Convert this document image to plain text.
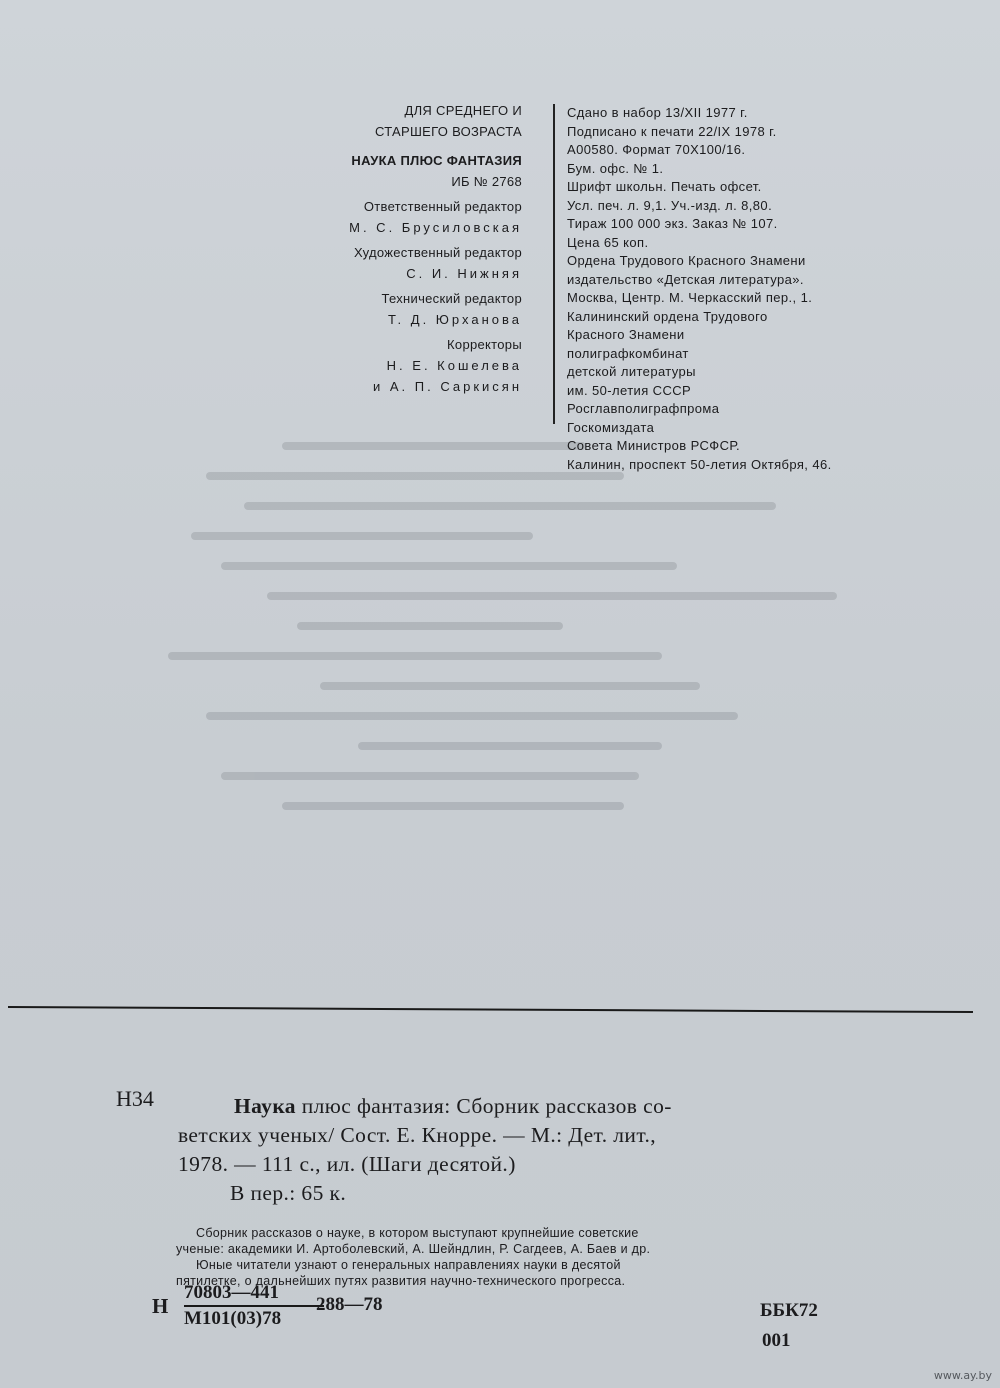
ДЛЯ СРЕДНЕГО И
СТАРШЕГО ВОЗРАСТА
НАУКА ПЛЮС ФАНТАЗИЯ
ИБ № 2768
Ответственный редактор
М. С. Брусиловская
Художественный редактор
С. И. Нижняя
Технический редактор
Т. Д. Юрханова
Корректоры
Н. Е. Кошелева
и А. П. Саркисян
Сдано в набор 13/XII 1977 г.
Подписано к печати 22/IX 1978 г.
А00580. Формат 70X100/16.
Бум. офс. № 1.
Шрифт школьн. Печать офсет.
Усл. печ. л. 9,1. Уч.-изд. л. 8,80.
Тираж 100 000 экз. Заказ № 107.
Цена 65 коп.
Ордена Трудового Красного Знамени
издательство «Детская литература».
Москва, Центр. М. Черкасский пер., 1.
Калининский ордена Трудового
Красного Знамени
полиграфкомбинат
детской литературы
им. 50-летия СССР
Росглавполиграфпрома
Госкомиздата
Совета Министров РСФСР.
Калинин, проспект 50-летия Октября, 46.
Н34	Наука плюс фантазия: Сборник рассказов со-
ветских ученых/ Сост. Е. Кнорре. — М.: Дет. лит.,
1978. — 111 с., ил. (Шаги десятой.)
В пер.: 65 к.
Сборник рассказов о науке, в котором выступают крупнейшие советские
ученые: академики И. Артоболевский, А. Шейндлин, Р. Сагдеев, А. Баев и др.
Юные читатели узнают о генеральных направлениях науки в десятой
пятилетке, о дальнейших путях развития научно-технического прогресса.
Н
70803—441
М101(03)78
288—78	ББК72
001
www.ay.by
